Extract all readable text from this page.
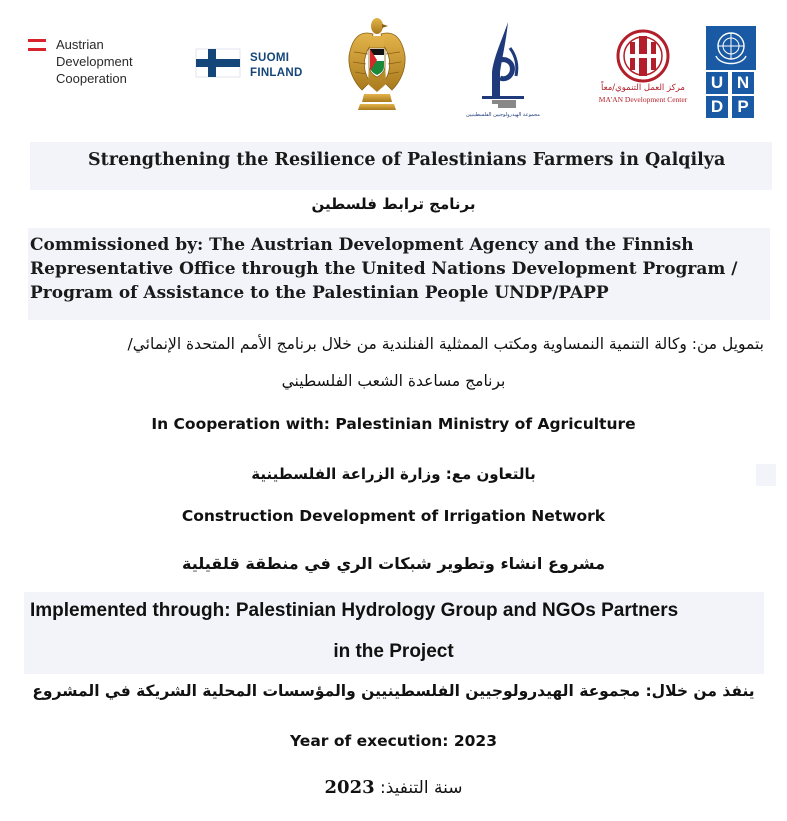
Austrian
Development
Cooperation
SUOMI
FINLAND
مجموعة الهيدرولوجيين الفلسطينيين
مركز العمل التنموي/معاً
MA'AN Development Center
U N
D P
Strengthening the Resilience of Palestinians Farmers in Qalqilya
برنامج ترابط فلسطين
Commissioned by: The Austrian Development Agency and the Finnish
Representative Office through the United Nations Development Program /
Program of Assistance to the Palestinian People UNDP/PAPP
بتمويل من: وكالة التنمية النمساوية ومكتب الممثلية الفنلندية من خلال برنامج الأمم المتحدة الإنمائي/
برنامج مساعدة الشعب الفلسطيني
In Cooperation with: Palestinian Ministry of Agriculture
بالتعاون مع: وزارة الزراعة الفلسطينية
Construction Development of Irrigation Network
مشروع انشاء وتطوير شبكات الري في منطقة قلقيلية
Implemented through: Palestinian Hydrology Group and NGOs Partners
in the Project
ينفذ من خلال: مجموعة الهيدرولوجيين الفلسطينيين والمؤسسات المحلية الشريكة في المشروع
Year of execution: 2023
سنة التنفيذ: 2023
